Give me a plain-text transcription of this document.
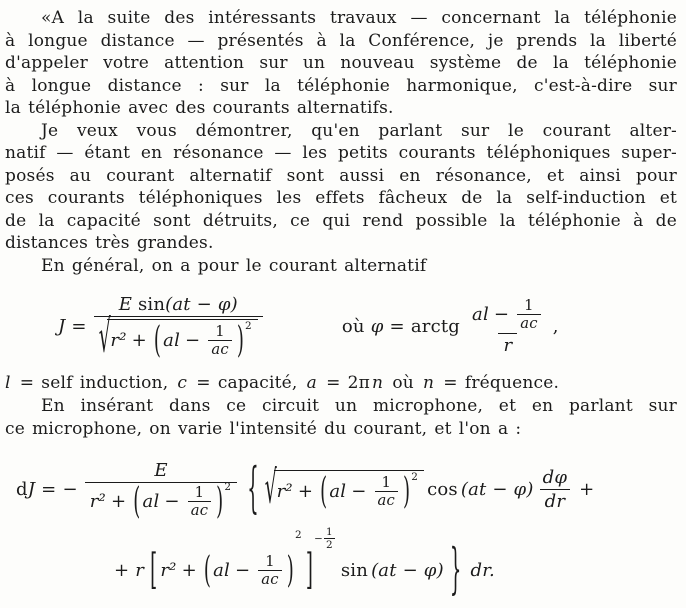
«A la suite des intéressants travaux — concernant la téléphonie
à longue distance — présentés à la Conférence, je prends la liberté
d'appeler votre attention sur un nouveau système de la téléphonie
à longue distance : sur la téléphonie harmonique, c'est-à-dire sur
la téléphonie avec des courants alternatifs.
Je veux vous démontrer, qu'en parlant sur le courant alter-
natif — étant en résonance — les petits courants téléphoniques super-
posés au courant alternatif sont aussi en résonance, et ainsi pour
ces courants téléphoniques les effets fâcheux de la self-induction et
de la capacité sont détruits, ce qui rend possible la téléphonie à de
distances très grandes.
En général, on a pour le courant alternatif
J =
E
sin (at − φ)
√ r² + ( al − $\frac{1}{ac} )^2$	où φ = arctg $\frac{al - \frac{1}{ac}}{r}$ ,
l = self induction, c = capacité, a = 2π n où n = fréquence.
En insérant dans ce circuit un microphone, et en parlant sur
ce microphone, on varie l'intensité du courant, et l'on a :
dJ = −
E
r² + ( al − $\frac{1}{ac} )^2$ { √ r² + ( al − $\frac{1}{ac} )^2$
$\cos (at - \varphi) \frac{d\varphi}{dr}$ +
+ r [ r² + ( al − $\frac{1}{ac}$ )
2
]
$^{- \frac{1}{2}}$
sin (at − φ) } dr.
